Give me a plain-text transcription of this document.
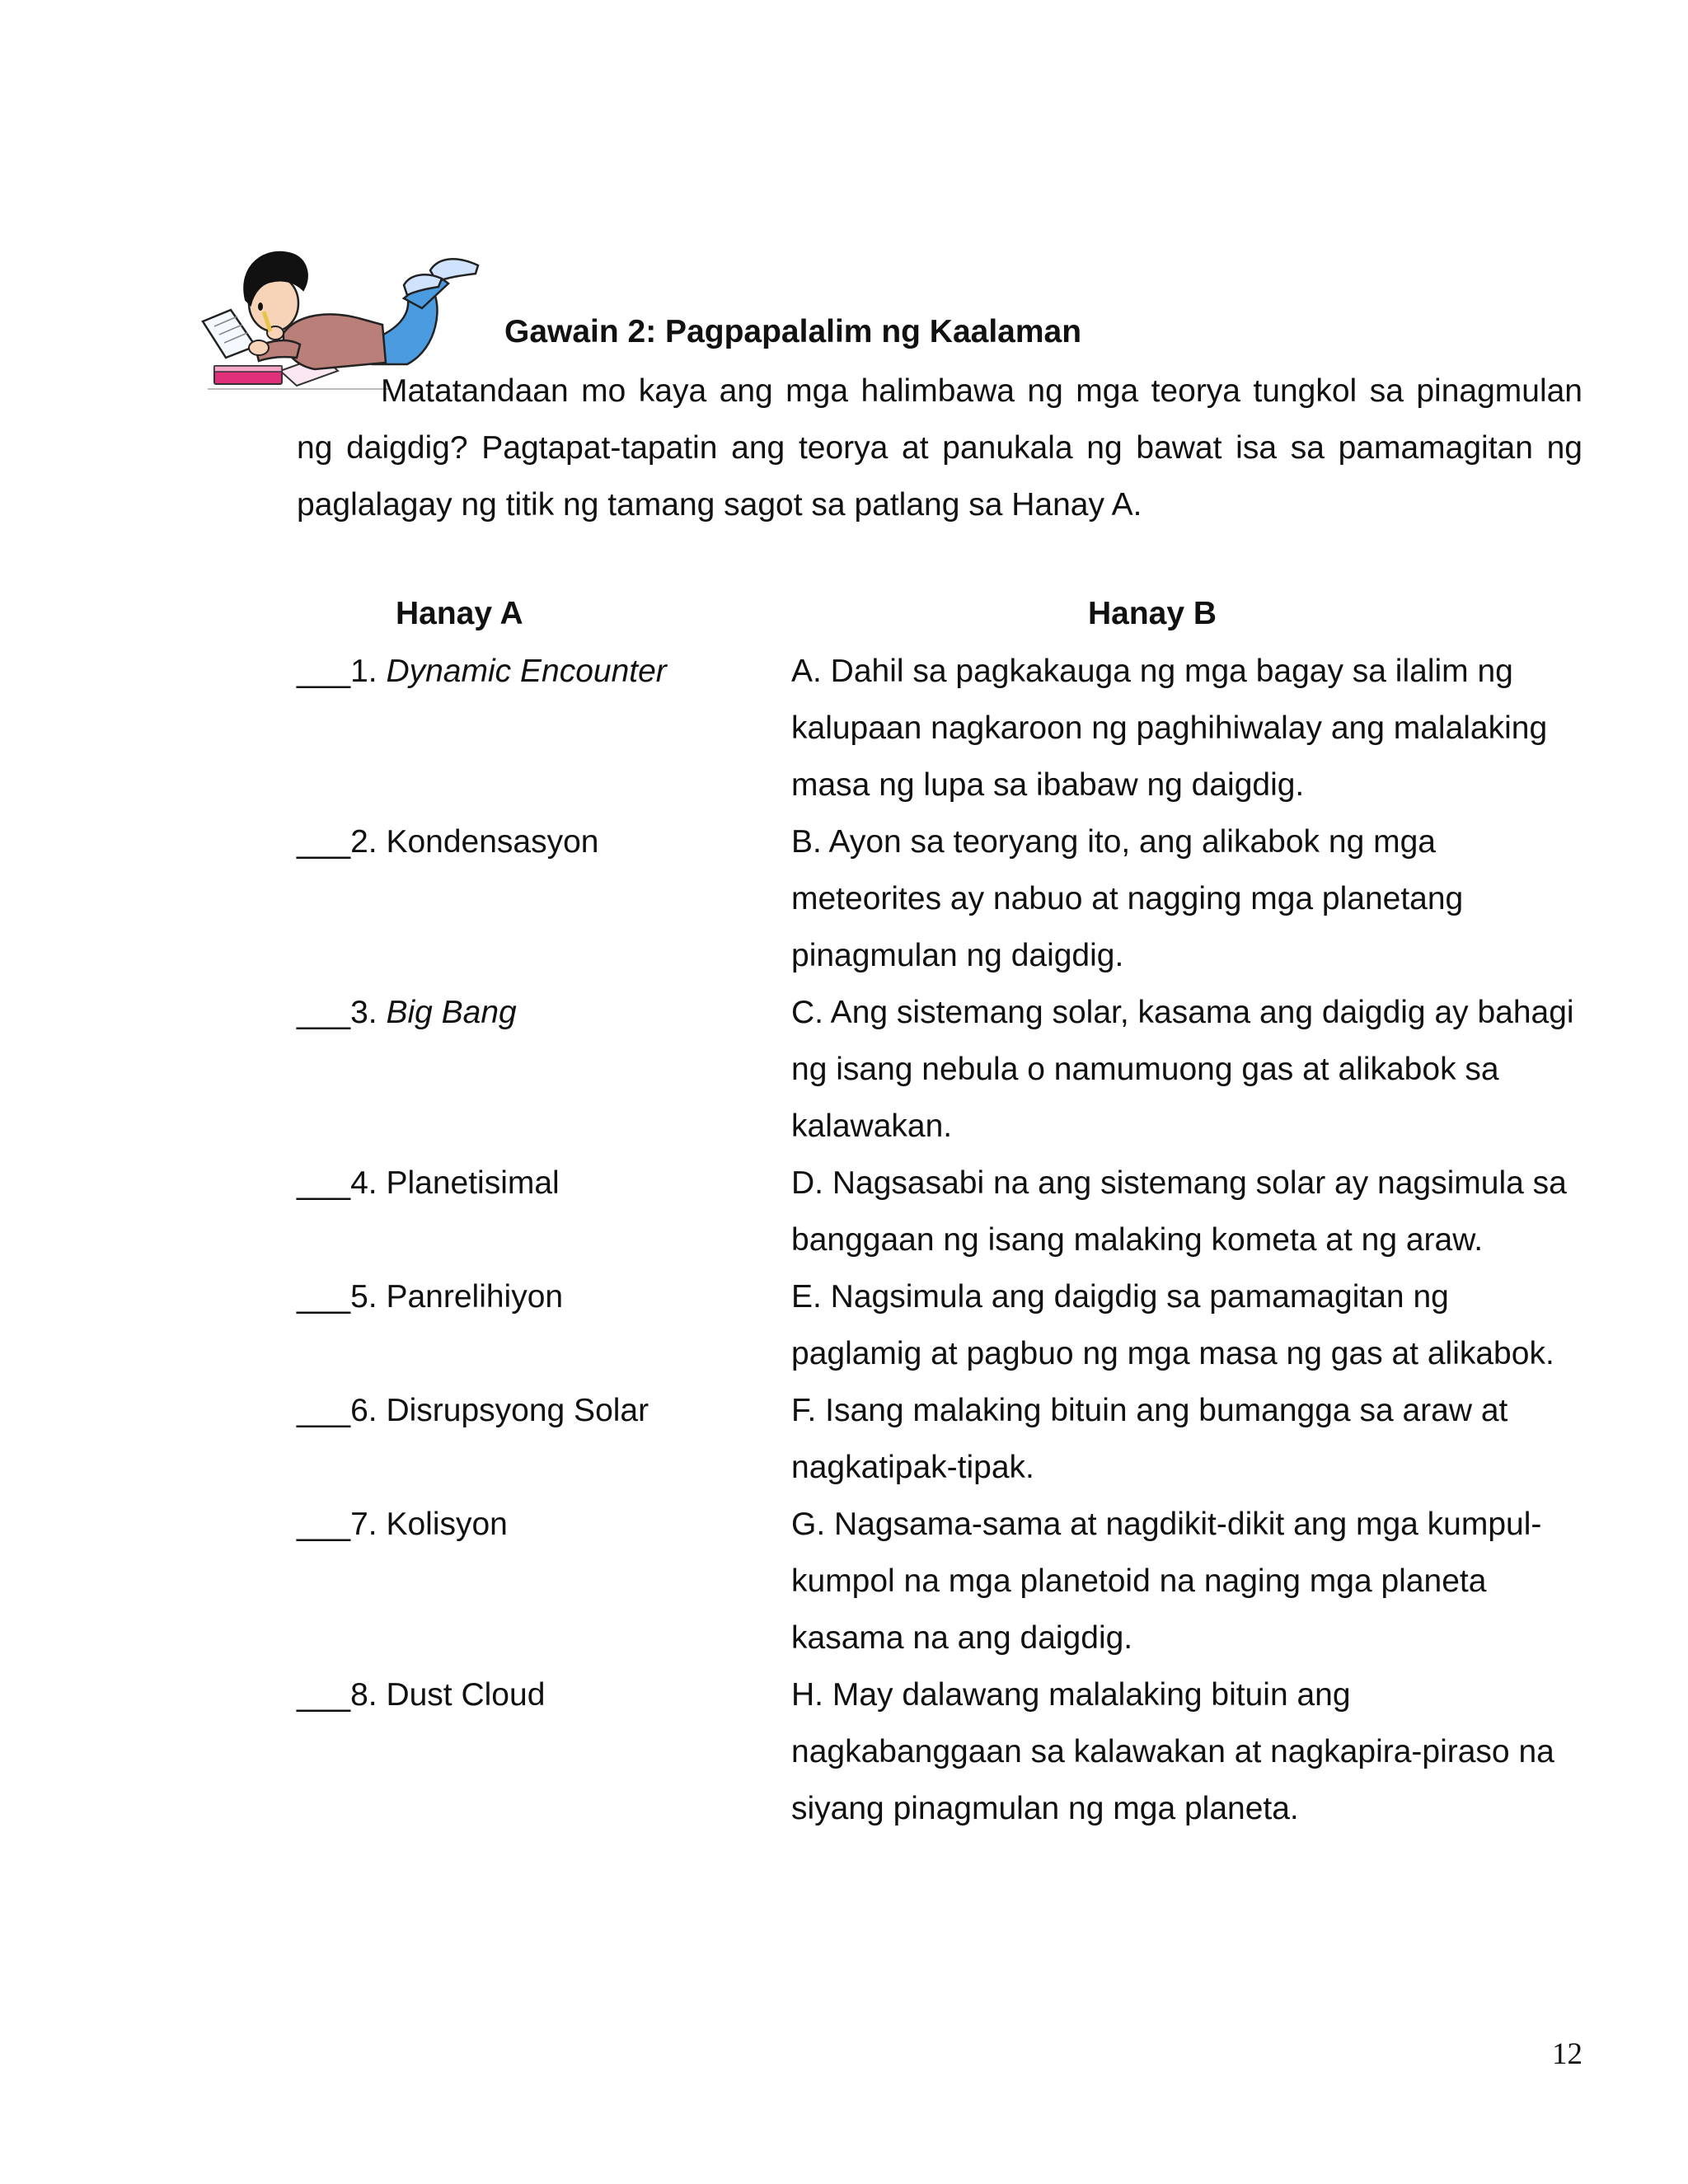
Gawain 2: Pagpapalalim ng Kaalaman

Matatandaan mo kaya ang mga halimbawa ng mga teorya tungkol sa pinagmulan ng daigdig? Pagtapat-tapatin ang teorya at panukala ng bawat isa sa pamamagitan ng paglalagay ng titik ng tamang sagot sa patlang sa Hanay A.

Hanay A	Hanay B
___1. Dynamic Encounter	A. Dahil sa pagkakauga ng mga bagay sa ilalim ng kalupaan nagkaroon ng paghihiwalay ang malalaking masa ng lupa sa ibabaw ng daigdig.
___2. Kondensasyon	B. Ayon sa teoryang ito, ang alikabok ng mga meteorites ay nabuo at nagging mga planetang pinagmulan ng daigdig.
___3. Big Bang	C. Ang sistemang solar, kasama ang daigdig ay bahagi ng isang nebula o namumuong gas at alikabok sa kalawakan.
___4. Planetisimal	D. Nagsasabi na ang sistemang solar ay nagsimula sa banggaan ng isang malaking kometa at ng araw.
___5. Panrelihiyon	E. Nagsimula ang daigdig sa pamamagitan ng paglamig at pagbuo ng mga masa ng gas at alikabok.
___6. Disrupsyong Solar	F. Isang malaking bituin ang bumangga sa araw at nagkatipak-tipak.
___7. Kolisyon	G. Nagsama-sama at nagdikit-dikit ang mga kumpul-kumpol na mga planetoid na naging mga planeta kasama na ang daigdig.
___8. Dust Cloud	H. May dalawang malalaking bituin ang nagkabanggaan sa kalawakan at nagkapira-piraso na siyang pinagmulan ng mga planeta.
12
